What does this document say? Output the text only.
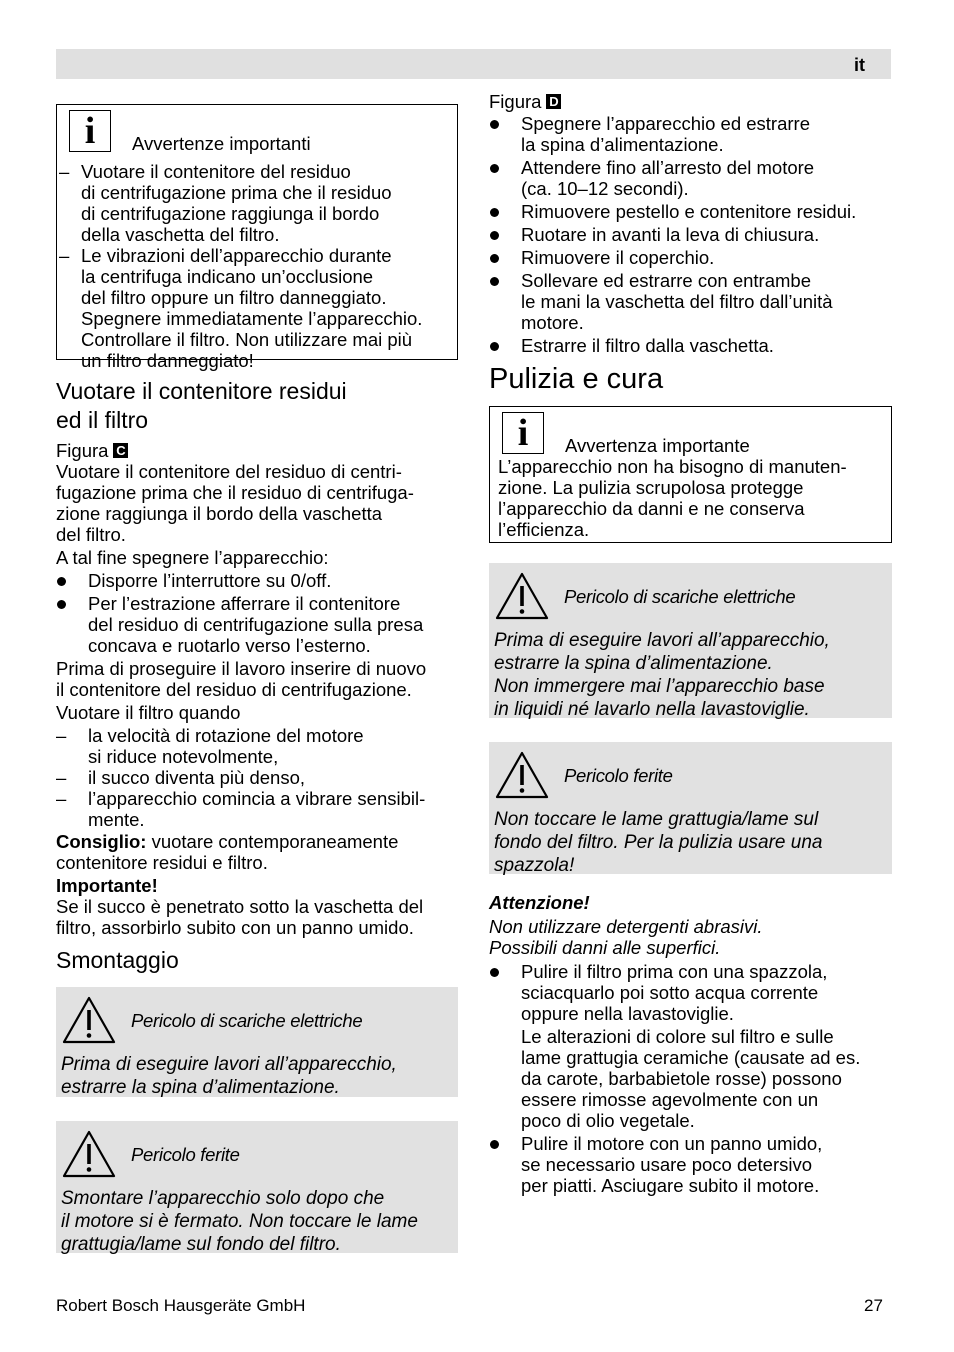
it
i	Avvertenze importanti
– Vuotare il contenitore del residuo
di centrifugazione prima che il residuo
di centrifugazione raggiunga il bordo
della vaschetta del filtro.
– Le vibrazioni dell’apparecchio durante
la centrifuga indicano un’occlusione
del filtro oppure un filtro danneggiato.
Spegnere immediatamente l’apparecchio.
Controllare il filtro. Non utilizzare mai più
un filtro danneggiato!
Vuotare il contenitore residui
ed il filtro

Figura C

Vuotare il contenitore del residuo di centri-
fugazione prima che il residuo di centrifuga-
zione raggiunga il bordo della vaschetta
del filtro.

A tal fine spegnere l’apparecchio:

Disporre l’interruttore su 0/off.
Per l’estrazione afferrare il contenitore
del residuo di centrifugazione sulla presa
concava e ruotarlo verso l’esterno.

Prima di proseguire il lavoro inserire di nuovo
il contenitore del residuo di centrifugazione.

Vuotare il filtro quando

– la velocità di rotazione del motore
si riduce notevolmente,
– il succo diventa più denso,
– l’apparecchio comincia a vibrare sensibil-
mente.

Consiglio: vuotare contemporaneamente
contenitore residui e filtro.

Importante!

Se il succo è penetrato sotto la vaschetta del
filtro, assorbirlo subito con un panno umido.

Smontaggio
Pericolo di scariche elettriche

Prima di eseguire lavori all’apparecchio,
estrarre la spina d’alimentazione.

Pericolo ferite

Smontare l’apparecchio solo dopo che
il motore si è fermato. Non toccare le lame
grattugia/lame sul fondo del filtro.

Figura D

Spegnere l’apparecchio ed estrarre
la spina d’alimentazione.
Attendere fino all’arresto del motore
(ca. 10–12 secondi).
Rimuovere pestello e contenitore residui.
Ruotare in avanti la leva di chiusura.
Rimuovere il coperchio.
Sollevare ed estrarre con entrambe
le mani la vaschetta del filtro dall’unità
motore.
Estrarre il filtro dalla vaschetta.
Pulizia e cura
i	Avvertenza importante

L’apparecchio non ha bisogno di manuten-
zione. La pulizia scrupolosa protegge
l’apparecchio da danni e ne conserva
l’efficienza.

Pericolo di scariche elettriche

Prima di eseguire lavori all’apparecchio,
estrarre la spina d’alimentazione.
Non immergere mai l’apparecchio base
in liquidi né lavarlo nella lavastoviglie.

Pericolo ferite

Non toccare le lame grattugia/lame sul
fondo del filtro. Per la pulizia usare una
spazzola!

Attenzione!

Non utilizzare detergenti abrasivi.
Possibili danni alle superfici.

Pulire il filtro prima con una spazzola,
sciacquarlo poi sotto acqua corrente
oppure nella lavastoviglie.

Le alterazioni di colore sul filtro e sulle
lame grattugia ceramiche (causate ad es.
da carote, barbabietole rosse) possono
essere rimosse agevolmente con un
poco di olio vegetale.

Pulire il motore con un panno umido,
se necessario usare poco detersivo
per piatti. Asciugare subito il motore.
Robert Bosch Hausgeräte GmbH	27
